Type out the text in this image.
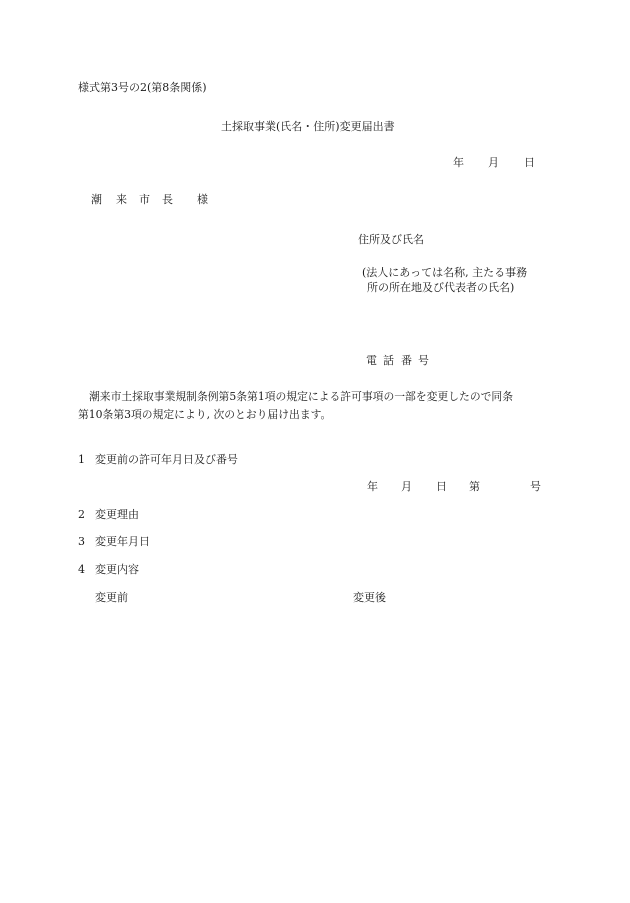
様式第3号の2(第8条関係)
土採取事業(氏名・住所)変更届出書
年 月 日
潮 来 市 長 様
住所及び氏名
(法人にあっては名称, 主たる事務
所の所在地及び代表者の氏名)
電 話 番 号
潮来市土採取事業規制条例第5条第1項の規定による許可事項の一部を変更したので同条
第10条第3項の規定により, 次のとおり届け出ます。
1 変更前の許可年月日及び番号
年 月 日 第	号
2 変更理由
3 変更年月日
4 変更内容
変更前	変更後
